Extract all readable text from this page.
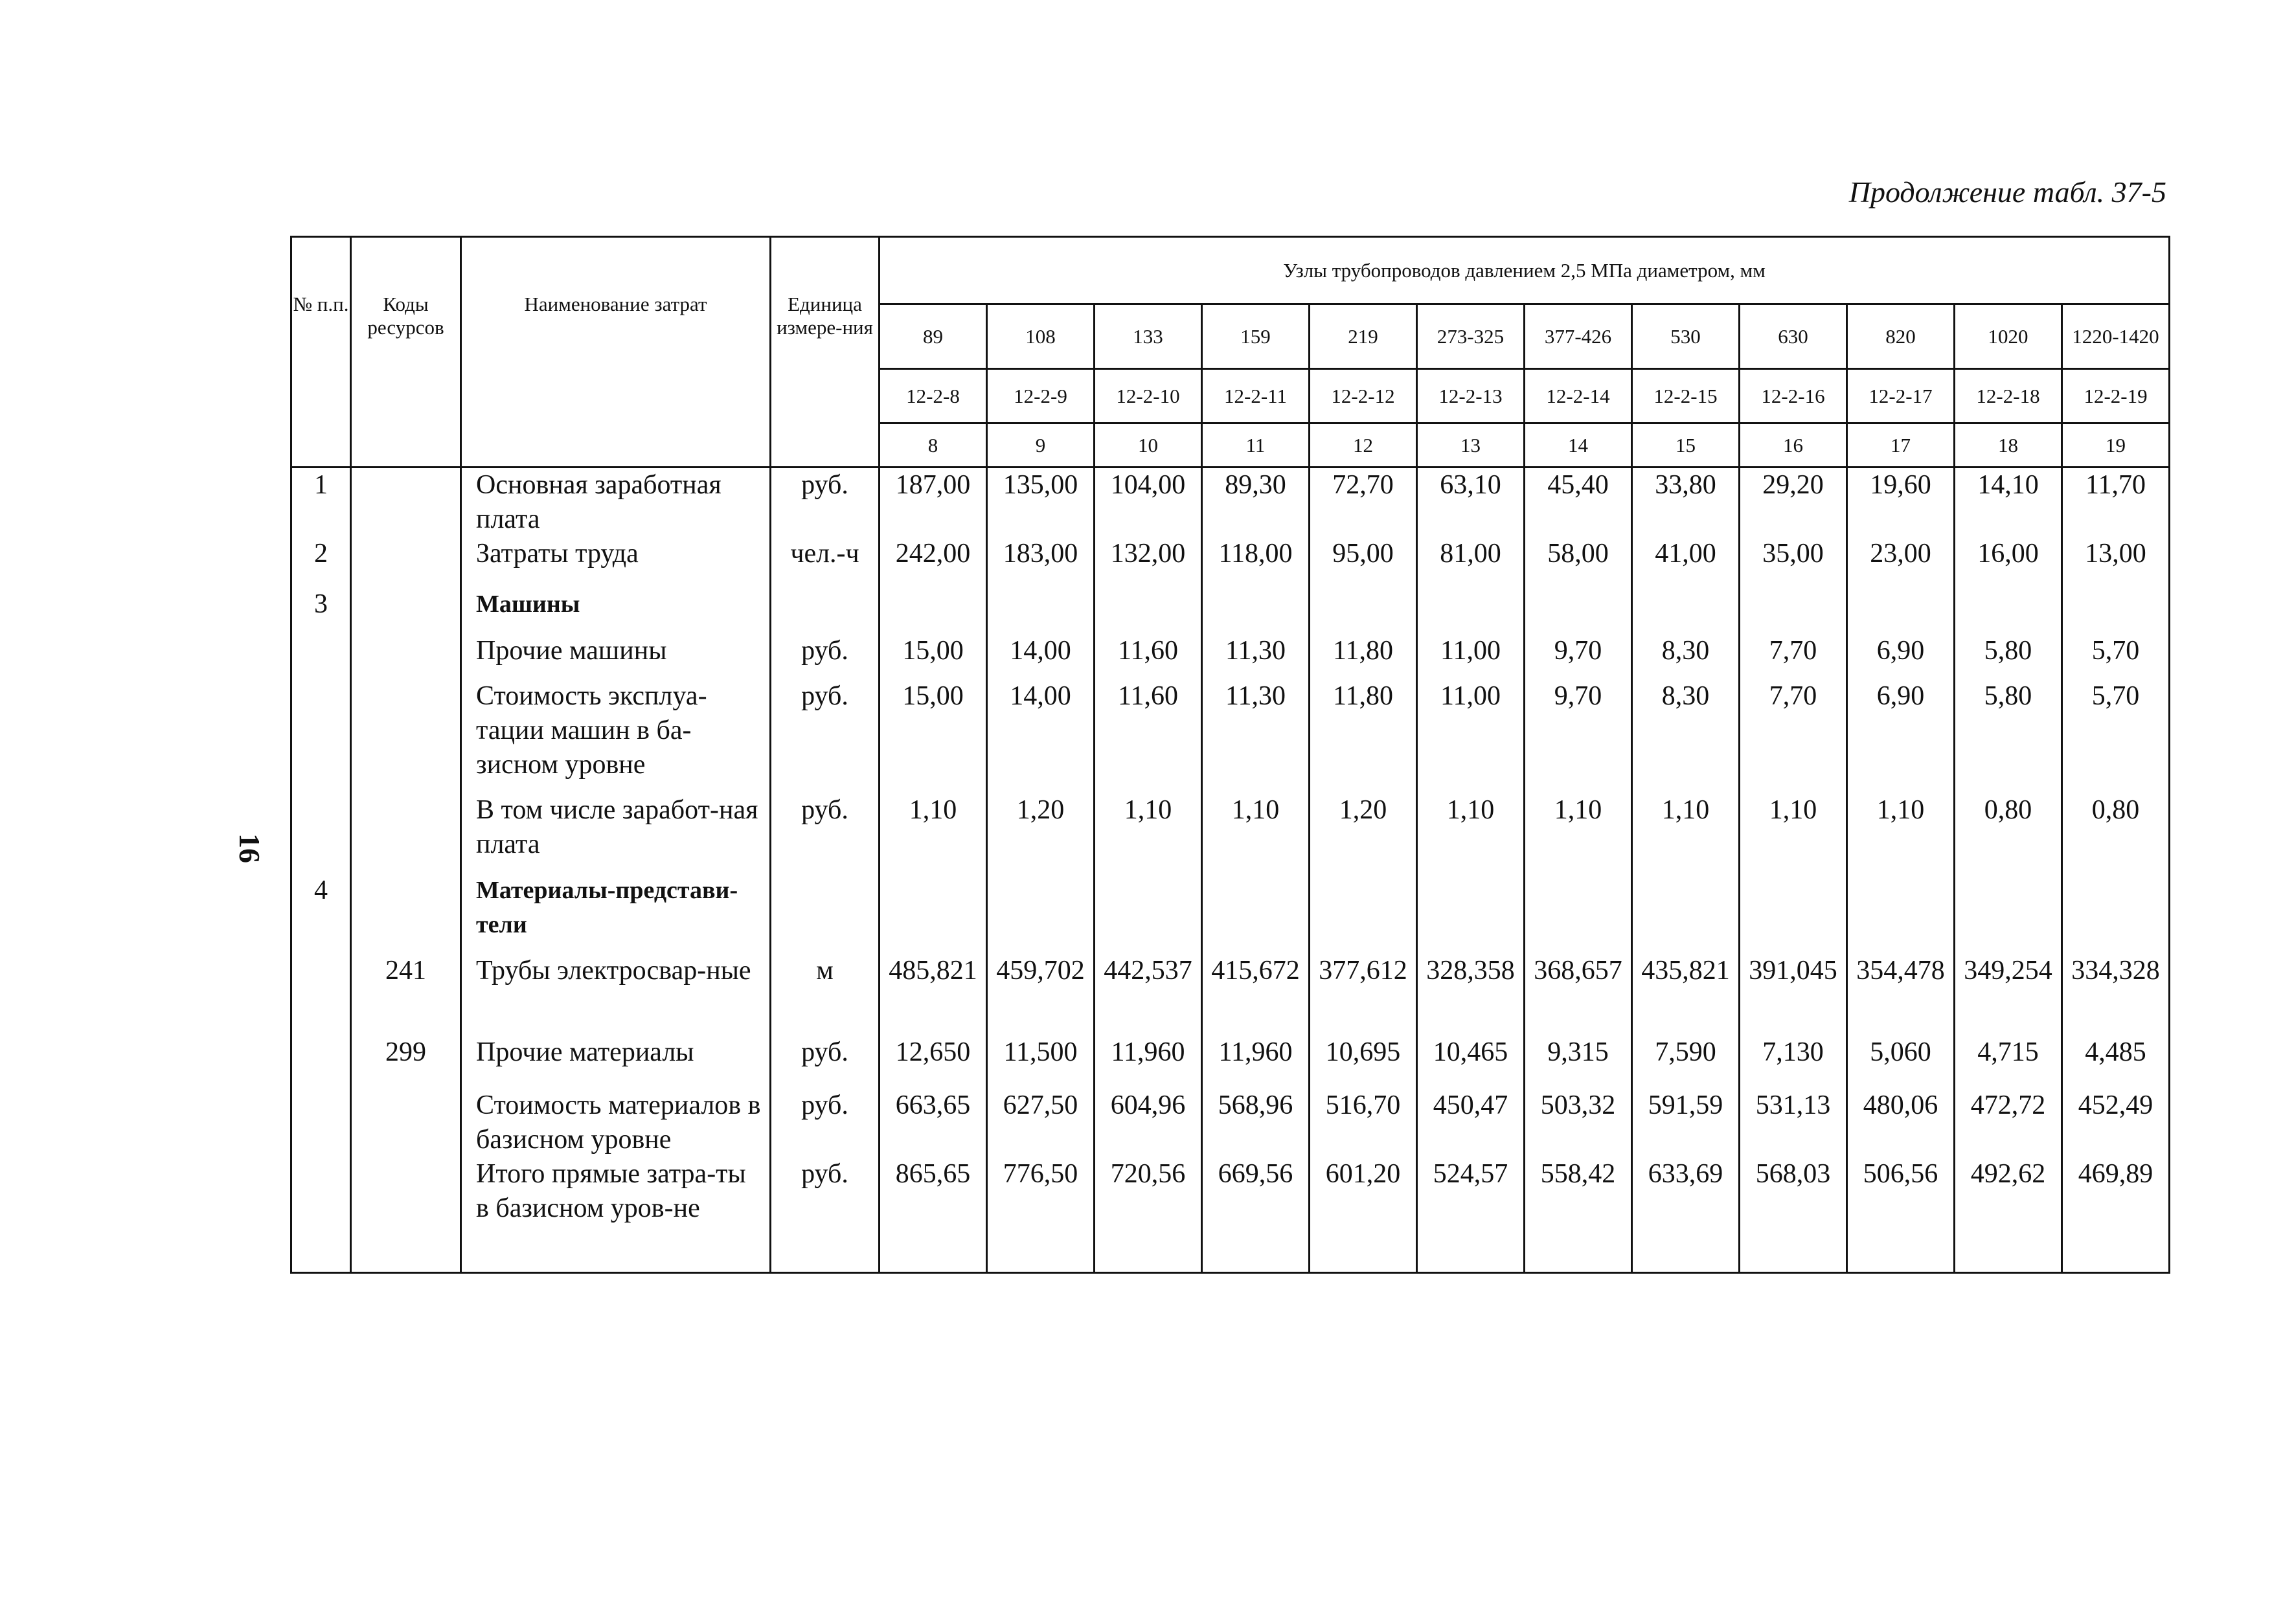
Продолжение табл. 37-5
16
№ п.п.	Коды ресурсов	Наименование затрат	Единица измере-ния	Узлы трубопроводов давлением 2,5 МПа диаметром, мм											
				89	108	133	159	219	273-325	377-426	530	630	820	1020	1220-1420
				12-2-8	12-2-9	12-2-10	12-2-11	12-2-12	12-2-13	12-2-14	12-2-15	12-2-16	12-2-17	12-2-18	12-2-19
				8	9	10	11	12	13	14	15	16	17	18	19
1		Основная заработная плата	руб.	187,00	135,00	104,00	89,30	72,70	63,10	45,40	33,80	29,20	19,60	14,10	11,70
2		Затраты труда	чел.-ч	242,00	183,00	132,00	118,00	95,00	81,00	58,00	41,00	35,00	23,00	16,00	13,00
3		Машины													
		Прочие машины	руб.	15,00	14,00	11,60	11,30	11,80	11,00	9,70	8,30	7,70	6,90	5,80	5,70
		Стоимость эксплуа-тации машин в ба-зисном уровне	руб.	15,00	14,00	11,60	11,30	11,80	11,00	9,70	8,30	7,70	6,90	5,80	5,70
		В том числе заработ-ная плата	руб.	1,10	1,20	1,10	1,10	1,20	1,10	1,10	1,10	1,10	1,10	0,80	0,80
4		Материалы-представи-тели													
	241	Трубы электросвар-ные	м	485,821	459,702	442,537	415,672	377,612	328,358	368,657	435,821	391,045	354,478	349,254	334,328
	299	Прочие материалы	руб.	12,650	11,500	11,960	11,960	10,695	10,465	9,315	7,590	7,130	5,060	4,715	4,485
		Стоимость материалов в базисном уровне	руб.	663,65	627,50	604,96	568,96	516,70	450,47	503,32	591,59	531,13	480,06	472,72	452,49
		Итого прямые затра-ты в базисном уров-не	руб.	865,65	776,50	720,56	669,56	601,20	524,57	558,42	633,69	568,03	506,56	492,62	469,89
